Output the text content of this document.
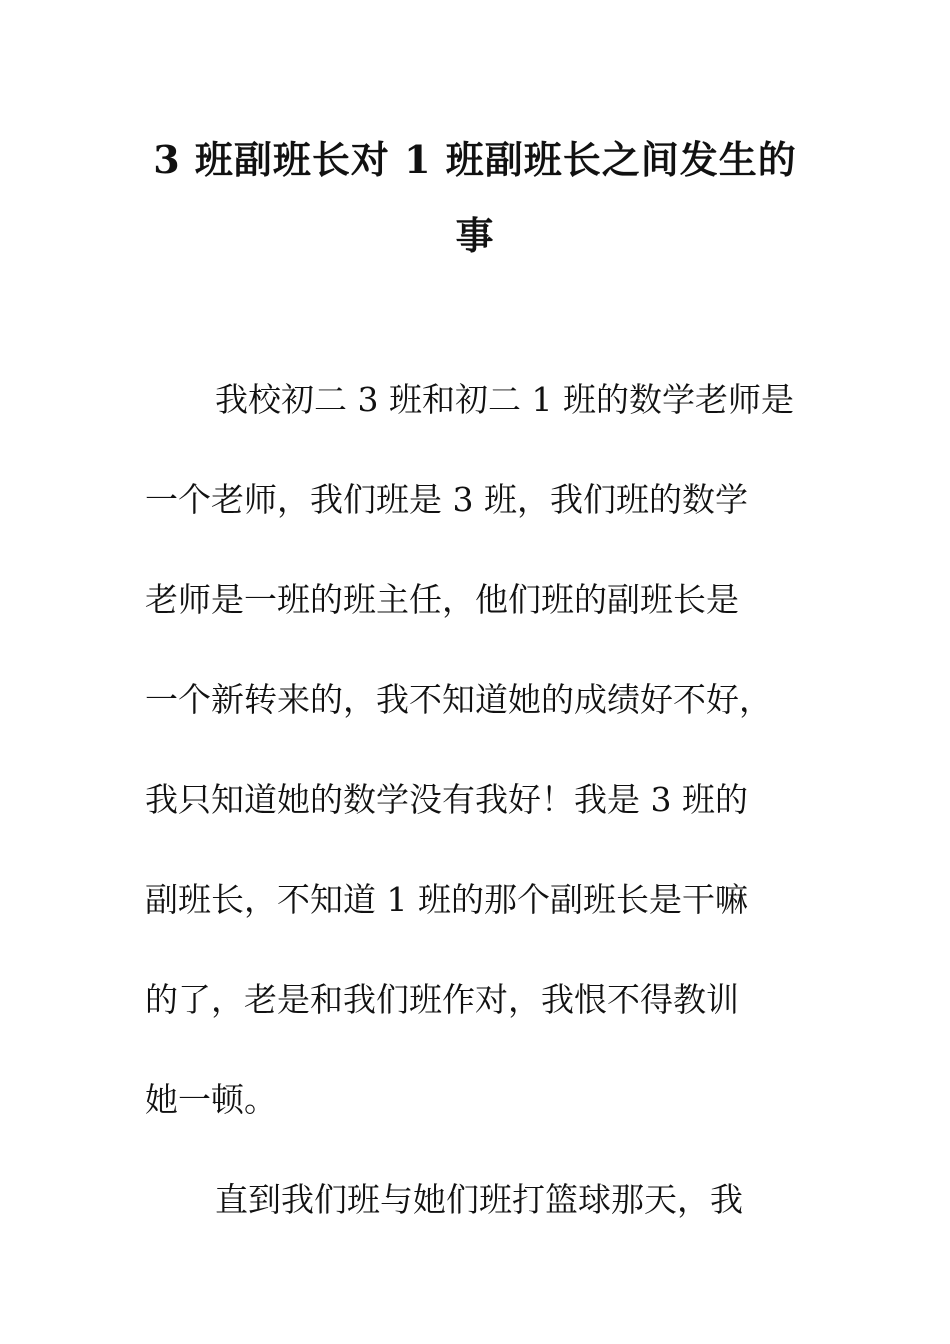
3 班副班长对 1 班副班长之间发生的
事
我校初二 3 班和初二 1 班的数学老师是
一个老师，我们班是 3 班，我们班的数学
老师是一班的班主任，他们班的副班长是
一个新转来的，我不知道她的成绩好不好，
我只知道她的数学没有我好！我是 3 班的
副班长，不知道 1 班的那个副班长是干嘛
的了，老是和我们班作对，我恨不得教训
她一顿。
直到我们班与她们班打篮球那天，我
